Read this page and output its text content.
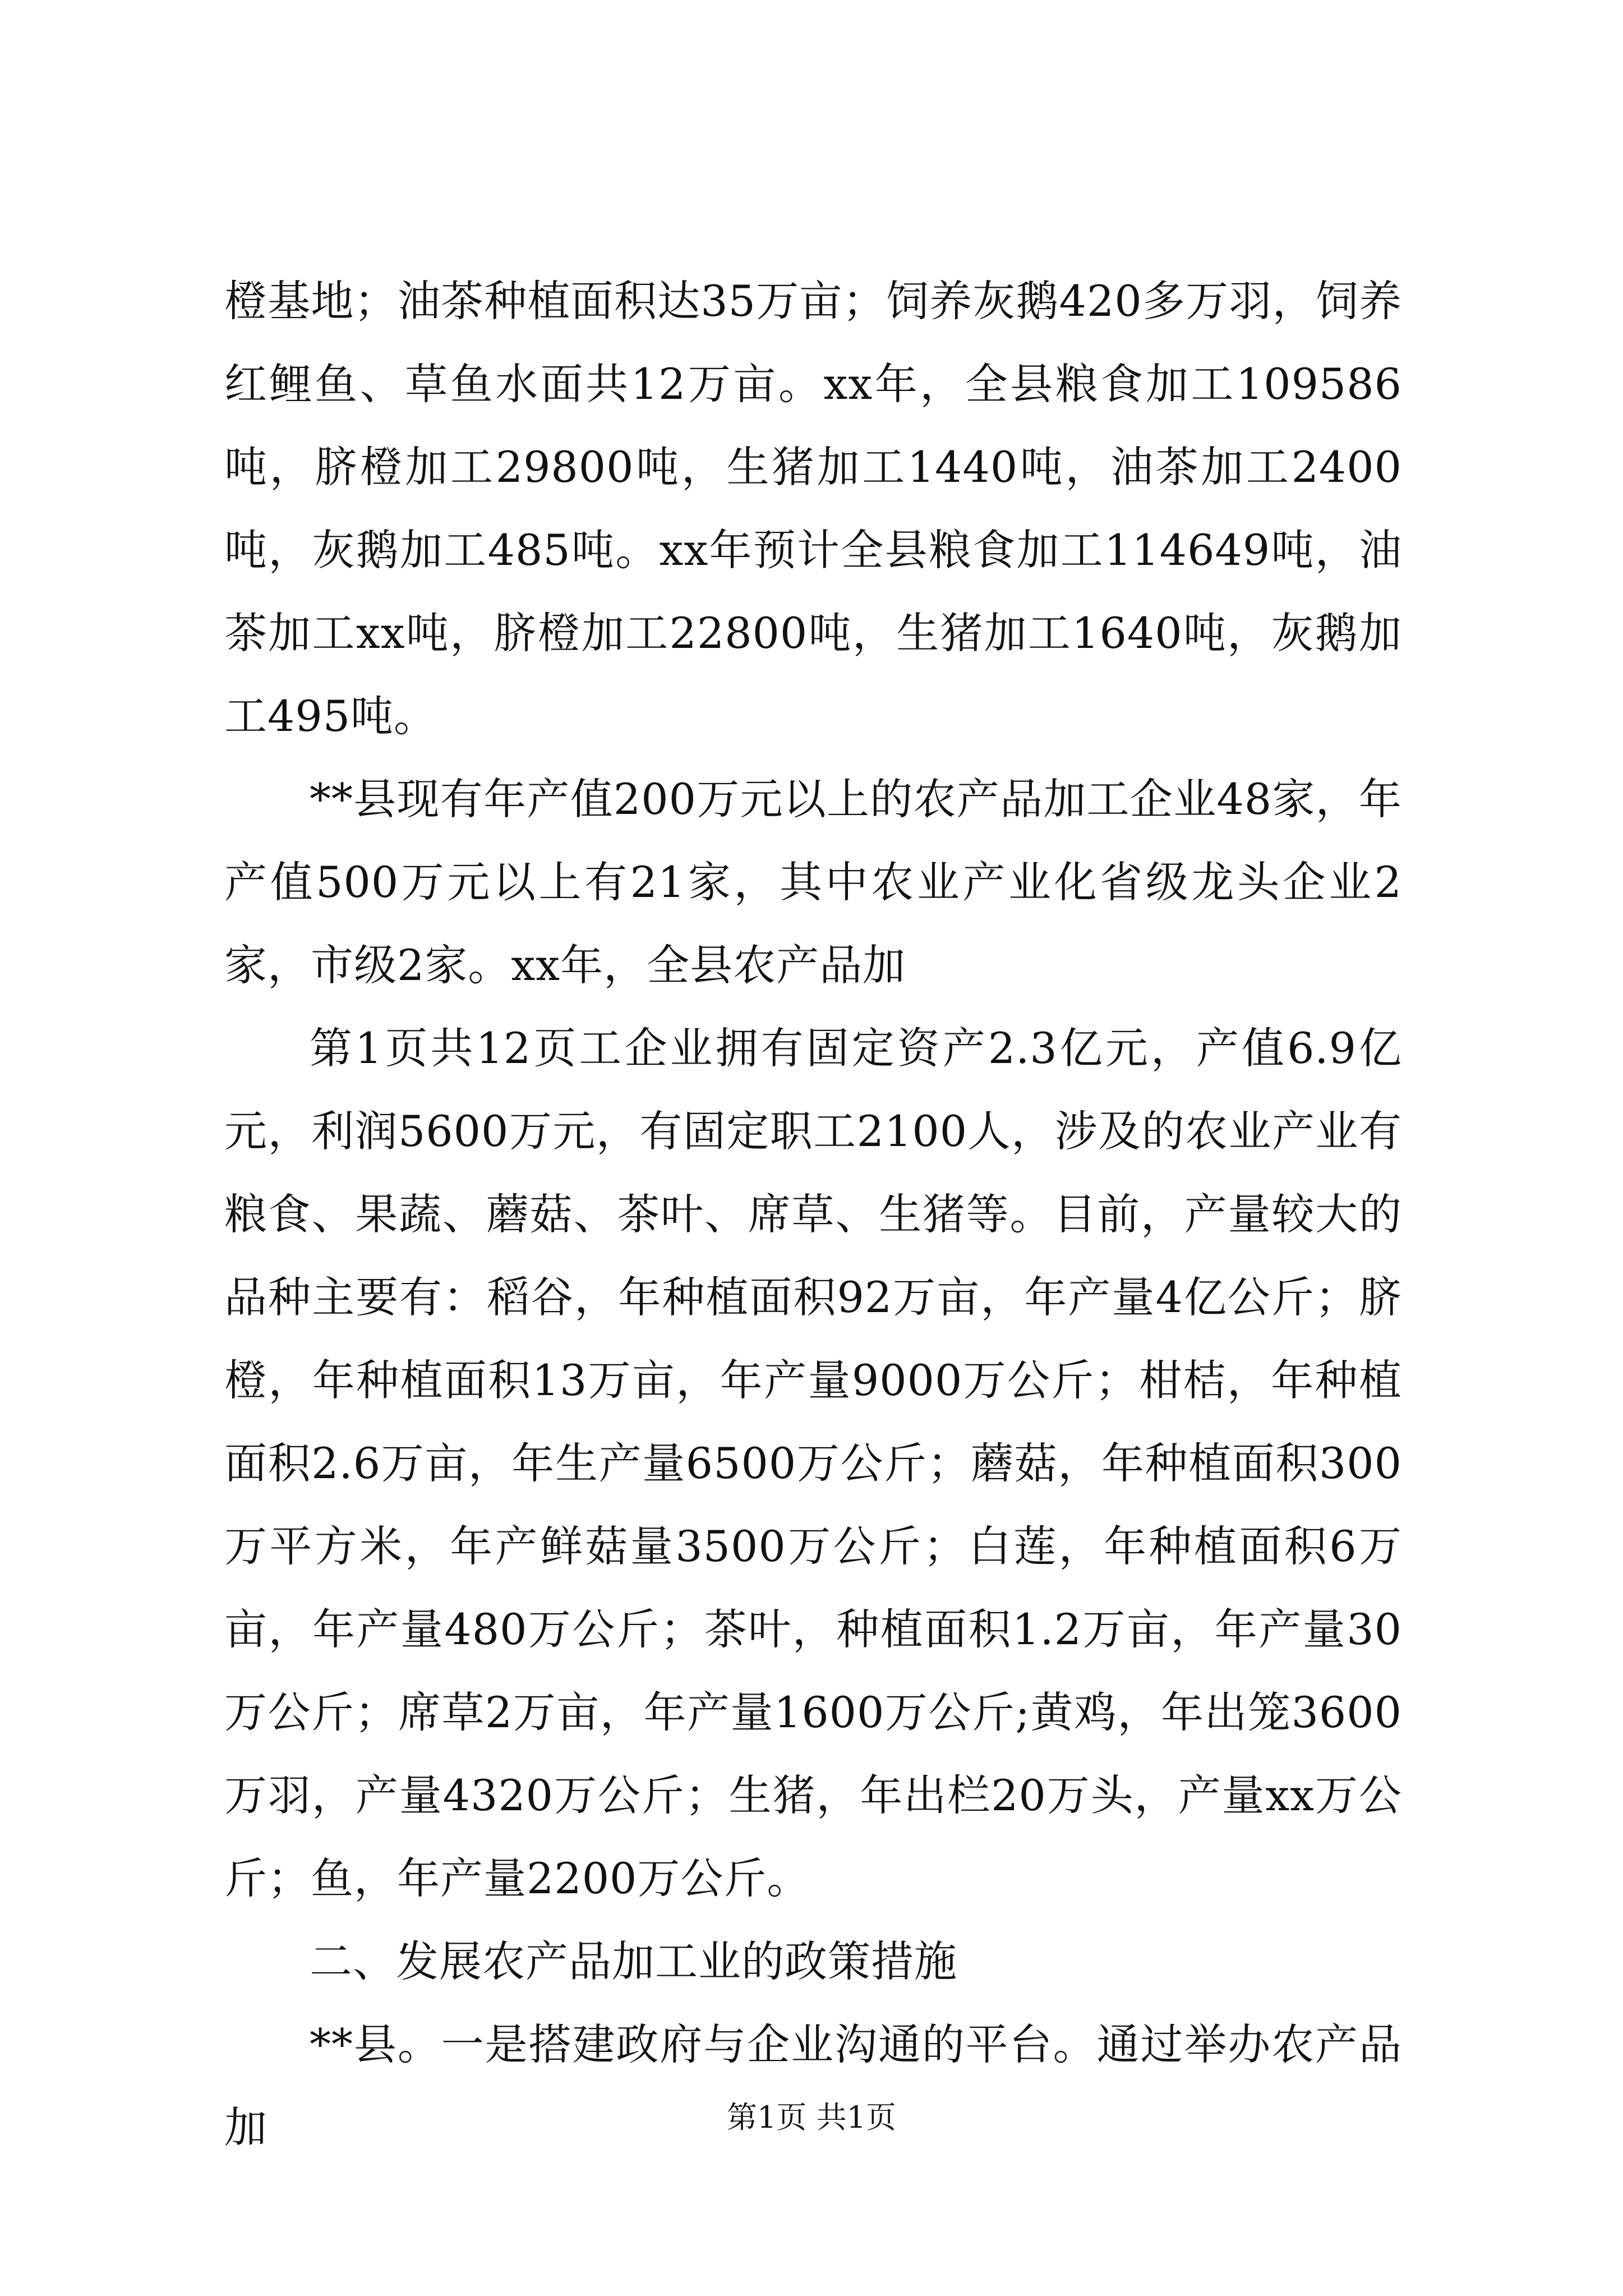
橙基地；油茶种植面积达35万亩；饲养灰鹅420多万羽，饲养红鲤鱼、草鱼水面共12万亩。xx年，全县粮食加工109586吨，脐橙加工29800吨，生猪加工1440吨，油茶加工2400吨，灰鹅加工485吨。xx年预计全县粮食加工114649吨，油茶加工xx吨，脐橙加工22800吨，生猪加工1640吨，灰鹅加工495吨。

**县现有年产值200万元以上的农产品加工企业48家，年产值500万元以上有21家，其中农业产业化省级龙头企业2家，市级2家。xx年，全县农产品加

第1页共12页工企业拥有固定资产2.3亿元，产值6.9亿元，利润5600万元，有固定职工2100人，涉及的农业产业有粮食、果蔬、蘑菇、茶叶、席草、生猪等。目前，产量较大的品种主要有：稻谷，年种植面积92万亩，年产量4亿公斤；脐橙，年种植面积13万亩，年产量9000万公斤；柑桔，年种植面积2.6万亩，年生产量6500万公斤；蘑菇，年种植面积300万平方米，年产鲜菇量3500万公斤；白莲，年种植面积6万亩，年产量480万公斤；茶叶，种植面积1.2万亩，年产量30万公斤；席草2万亩，年产量1600万公斤;黄鸡，年出笼3600万羽，产量4320万公斤；生猪，年出栏20万头，产量xx万公斤；鱼，年产量2200万公斤。

二、发展农产品加工业的政策措施

**县。一是搭建政府与企业沟通的平台。通过举办农产品加	第1页 共1页
